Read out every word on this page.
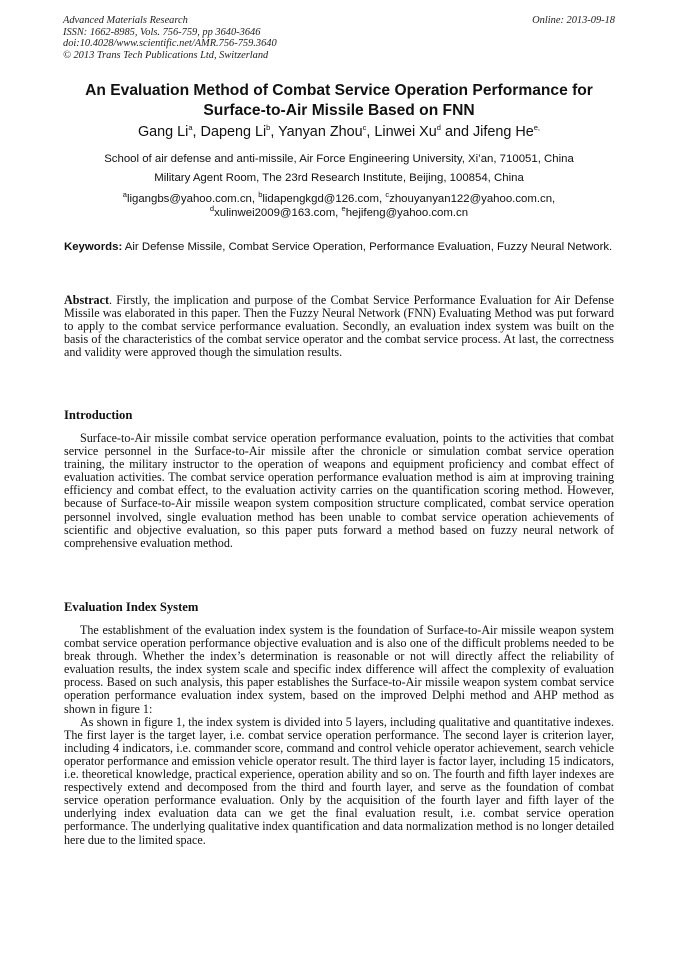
Advanced Materials Research
ISSN: 1662-8985, Vols. 756-759, pp 3640-3646
doi:10.4028/www.scientific.net/AMR.756-759.3640
© 2013 Trans Tech Publications Ltd, Switzerland
Online: 2013-09-18
An Evaluation Method of Combat Service Operation Performance for
Surface-to-Air Missile Based on FNN
Gang Li$^a$, Dapeng Li$^b$, Yanyan Zhou$^c$, Linwei Xu$^d$ and Jifeng $He^{e,}$
School of air defense and anti-missile, Air Force Engineering University, Xi’an, 710051, China
Military Agent Room, The 23rd Research Institute, Beijing, 100854, China
$^a$ligangbs@yahoo.com.cn, $^b$lidapengkgd@126.com, $^c$zhouyanyan122@yahoo.com.cn,
$^d$xulinwei2009@163.com, $^e$hejifeng@yahoo.com.cn
Keywords: Air Defense Missile, Combat Service Operation, Performance Evaluation, Fuzzy Neural Network.

Abstract. Firstly, the implication and purpose of the Combat Service Performance Evaluation for Air Defense Missile was elaborated in this paper. Then the Fuzzy Neural Network (FNN) Evaluating Method was put forward to apply to the combat service performance evaluation. Secondly, an evaluation index system was built on the basis of the characteristics of the combat service operator and the combat service process. At last, the correctness and validity were approved though the simulation results.

Introduction

Surface-to-Air missile combat service operation performance evaluation, points to the activities that combat service personnel in the Surface-to-Air missile after the chronicle or simulation combat service operation training, the military instructor to the operation of weapons and equipment proficiency and combat effect of evaluation activities. The combat service operation performance evaluation method is aim at improving training efficiency and combat effect, to the evaluation activity carries on the quantification scoring method. However, because of Surface-to-Air missile weapon system composition structure complicated, combat service operation personnel involved, single evaluation method has been unable to combat service operation achievements of scientific and objective evaluation, so this paper puts forward a method based on fuzzy neural network of comprehensive evaluation method.

Evaluation Index System

The establishment of the evaluation index system is the foundation of Surface-to-Air missile weapon system combat service operation performance objective evaluation and is also one of the difficult problems needed to be break through. Whether the index’s determination is reasonable or not will directly affect the reliability of evaluation results, the index system scale and specific index difference will affect the complexity of evaluation process. Based on such analysis, this paper establishes the Surface-to-Air missile weapon system combat service operation performance evaluation index system, based on the improved Delphi method and AHP method as shown in figure 1:

As shown in figure 1, the index system is divided into 5 layers, including qualitative and quantitative indexes. The first layer is the target layer, i.e. combat service operation performance. The second layer is criterion layer, including 4 indicators, i.e. commander score, command and control vehicle operator achievement, search vehicle operator performance and emission vehicle operator result. The third layer is factor layer, including 15 indicators, i.e. theoretical knowledge, practical experience, operation ability and so on. The fourth and fifth layer indexes are respectively extend and decomposed from the third and fourth layer, and serve as the foundation of combat service operation performance evaluation. Only by the acquisition of the fourth layer and fifth layer of the underlying index evaluation data can we get the final evaluation result, i.e. combat service operation performance. The underlying qualitative index quantification and data normalization method is no longer detailed here due to the limited space.
